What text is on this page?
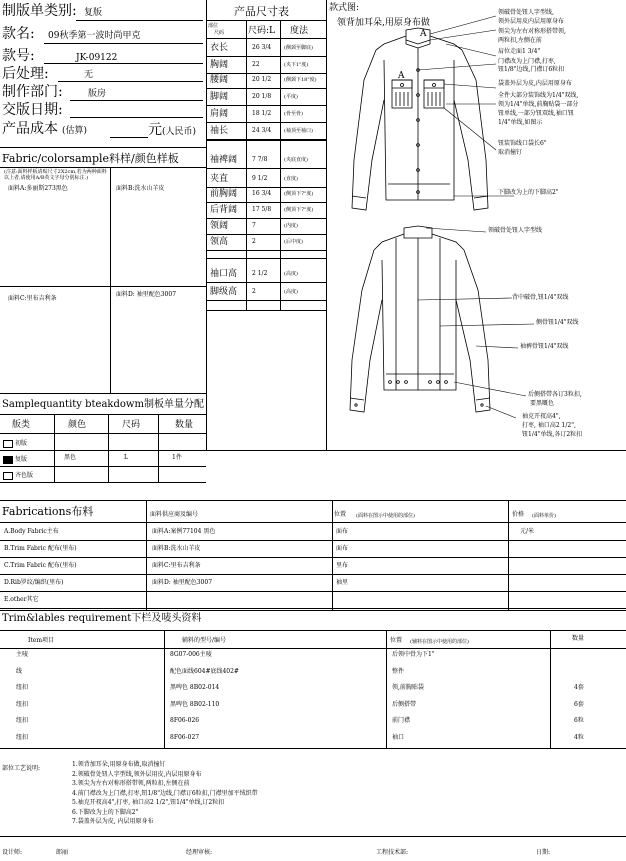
制版单类别: 复版
款名: 09秋季第一波时尚甲克
款号:	JK-09122
后处理:	无
制作部门:	版房
交版日期:
产品成本 (估算)	元 (人民币)
Fabric/colorsample料样/颜色样板
(注意:面料样板请贴尺寸2X2cm,若为两种面料以上者,请使用A/B英文字母分别标注.)
面料A:多丽斯273黑色	面料B:洗水山羊皮
面料C:里布吉利条
面料D: 袖里配色3007
Samplequantity bteakdowm制板单量分配
版类	颜色	尺码	数量
初版
复版	黑色	L	1件
齐色版
产品尺寸表
部位
尺码	尺码:L 度法
衣长	26 3/4	(侧颈至脚底)
胸阔	22	(夹下1"度)
腰阔	20 1/2	(侧颈下18"度)
脚阔	20 1/8	(平度)
肩阔	18 1/2	(骨至骨)
袖长	24 3/4	(袖顶至袖口)
袖裨阔 7 7/8	(夹底直度)
夹直	9 1/2	(直度)
前胸阔 16 3/4	(侧顶下7"度)
后背阔 17 5/8	(侧顶下7"度)
领阔	7	(内度)
领高	2	(后中度)
袖口高 2 1/2	(高度)
脚级高 2	(高度)
款式图:
领背加耳朵,用原身布做
A
A
领破骨处钮人字型线,
领外层用皮内层用原身布
领尖为左右对称形搭带领,
两粒扣,左侧在前
肩位走面1 3/4"
门襟改为上门襟,打枣,
钮1/8"边线,门襟订6粒扣
袋盖外层为皮,内层用原身布
全件大部分装饰线为1/4"双线,
领为1/4"单线,前胸贴袋一部分
钮单线,一部分钮双线,袖口钮
1/4"单线,如图示
钮装饰线口袋长6"
取消撞钉
下脚改为上的下脚高2"
领破骨处钮人字型线
背中破骨,钮1/4"双线
侧骨钮1/4"双线
袖裤骨钮1/4"双线
后侧搭带各订3粒扣,
要黑嘅色
袖克开衩高4",
打枣, 袖口高2 1/2",
钮1/4"单线,各订2粒扣
Fabrications布料	面料供应商及编号	位置 (面料在图示中使用的部位)	价格 (面料单价)
A.Body Fabric主布	面料A:案例77104 黑色	面布	元/米
B.Trim Fabric 配布(里布)	面料B:洗水山羊皮	面布
C.Trim Fabric 配布(里布)	面料C:里布吉利条	里布
D.Rib罗纹/编织(里布)	面料D: 袖里配色3007	袖里
E.other其它
Trim&lables requirement下栏及唛头资料
Item项目	辅料的型号/编号	位置 (辅料在图示中使用的部位)	数量
主唛	8G07-006主唛	后领中骨为下1"
线	配色面线604#底线402#	整件
纽扣	黑啤色 8B02-014	领,前胸贴袋	4套
纽扣	黑啤色 8B02-110	后侧搭带	6套
纽扣	8F06-026	前门襟	6粒
纽扣	8F06-027	袖口	4粒
部位工艺说明:
1.领背加耳朵,用原身布做,取消撞钉
2.领破骨处钮人字型线,领外层用皮,内层用原身布
3.领尖为左右对称形搭带领,两粒扣,左侧在前
4.前门襟改为上门襟,打枣,钮1/8"边线,门襟订6粒扣,门襟里加平绒织带
5.袖克开衩高4",打枣, 袖口高2 1/2",钮1/4"单线,订2粒扣
6.下脚改为上的下脚高2"
7.袋盖外层为皮, 内层用原身布
设计师:	郎丽	经理审核:	工程技术部:	日期:
